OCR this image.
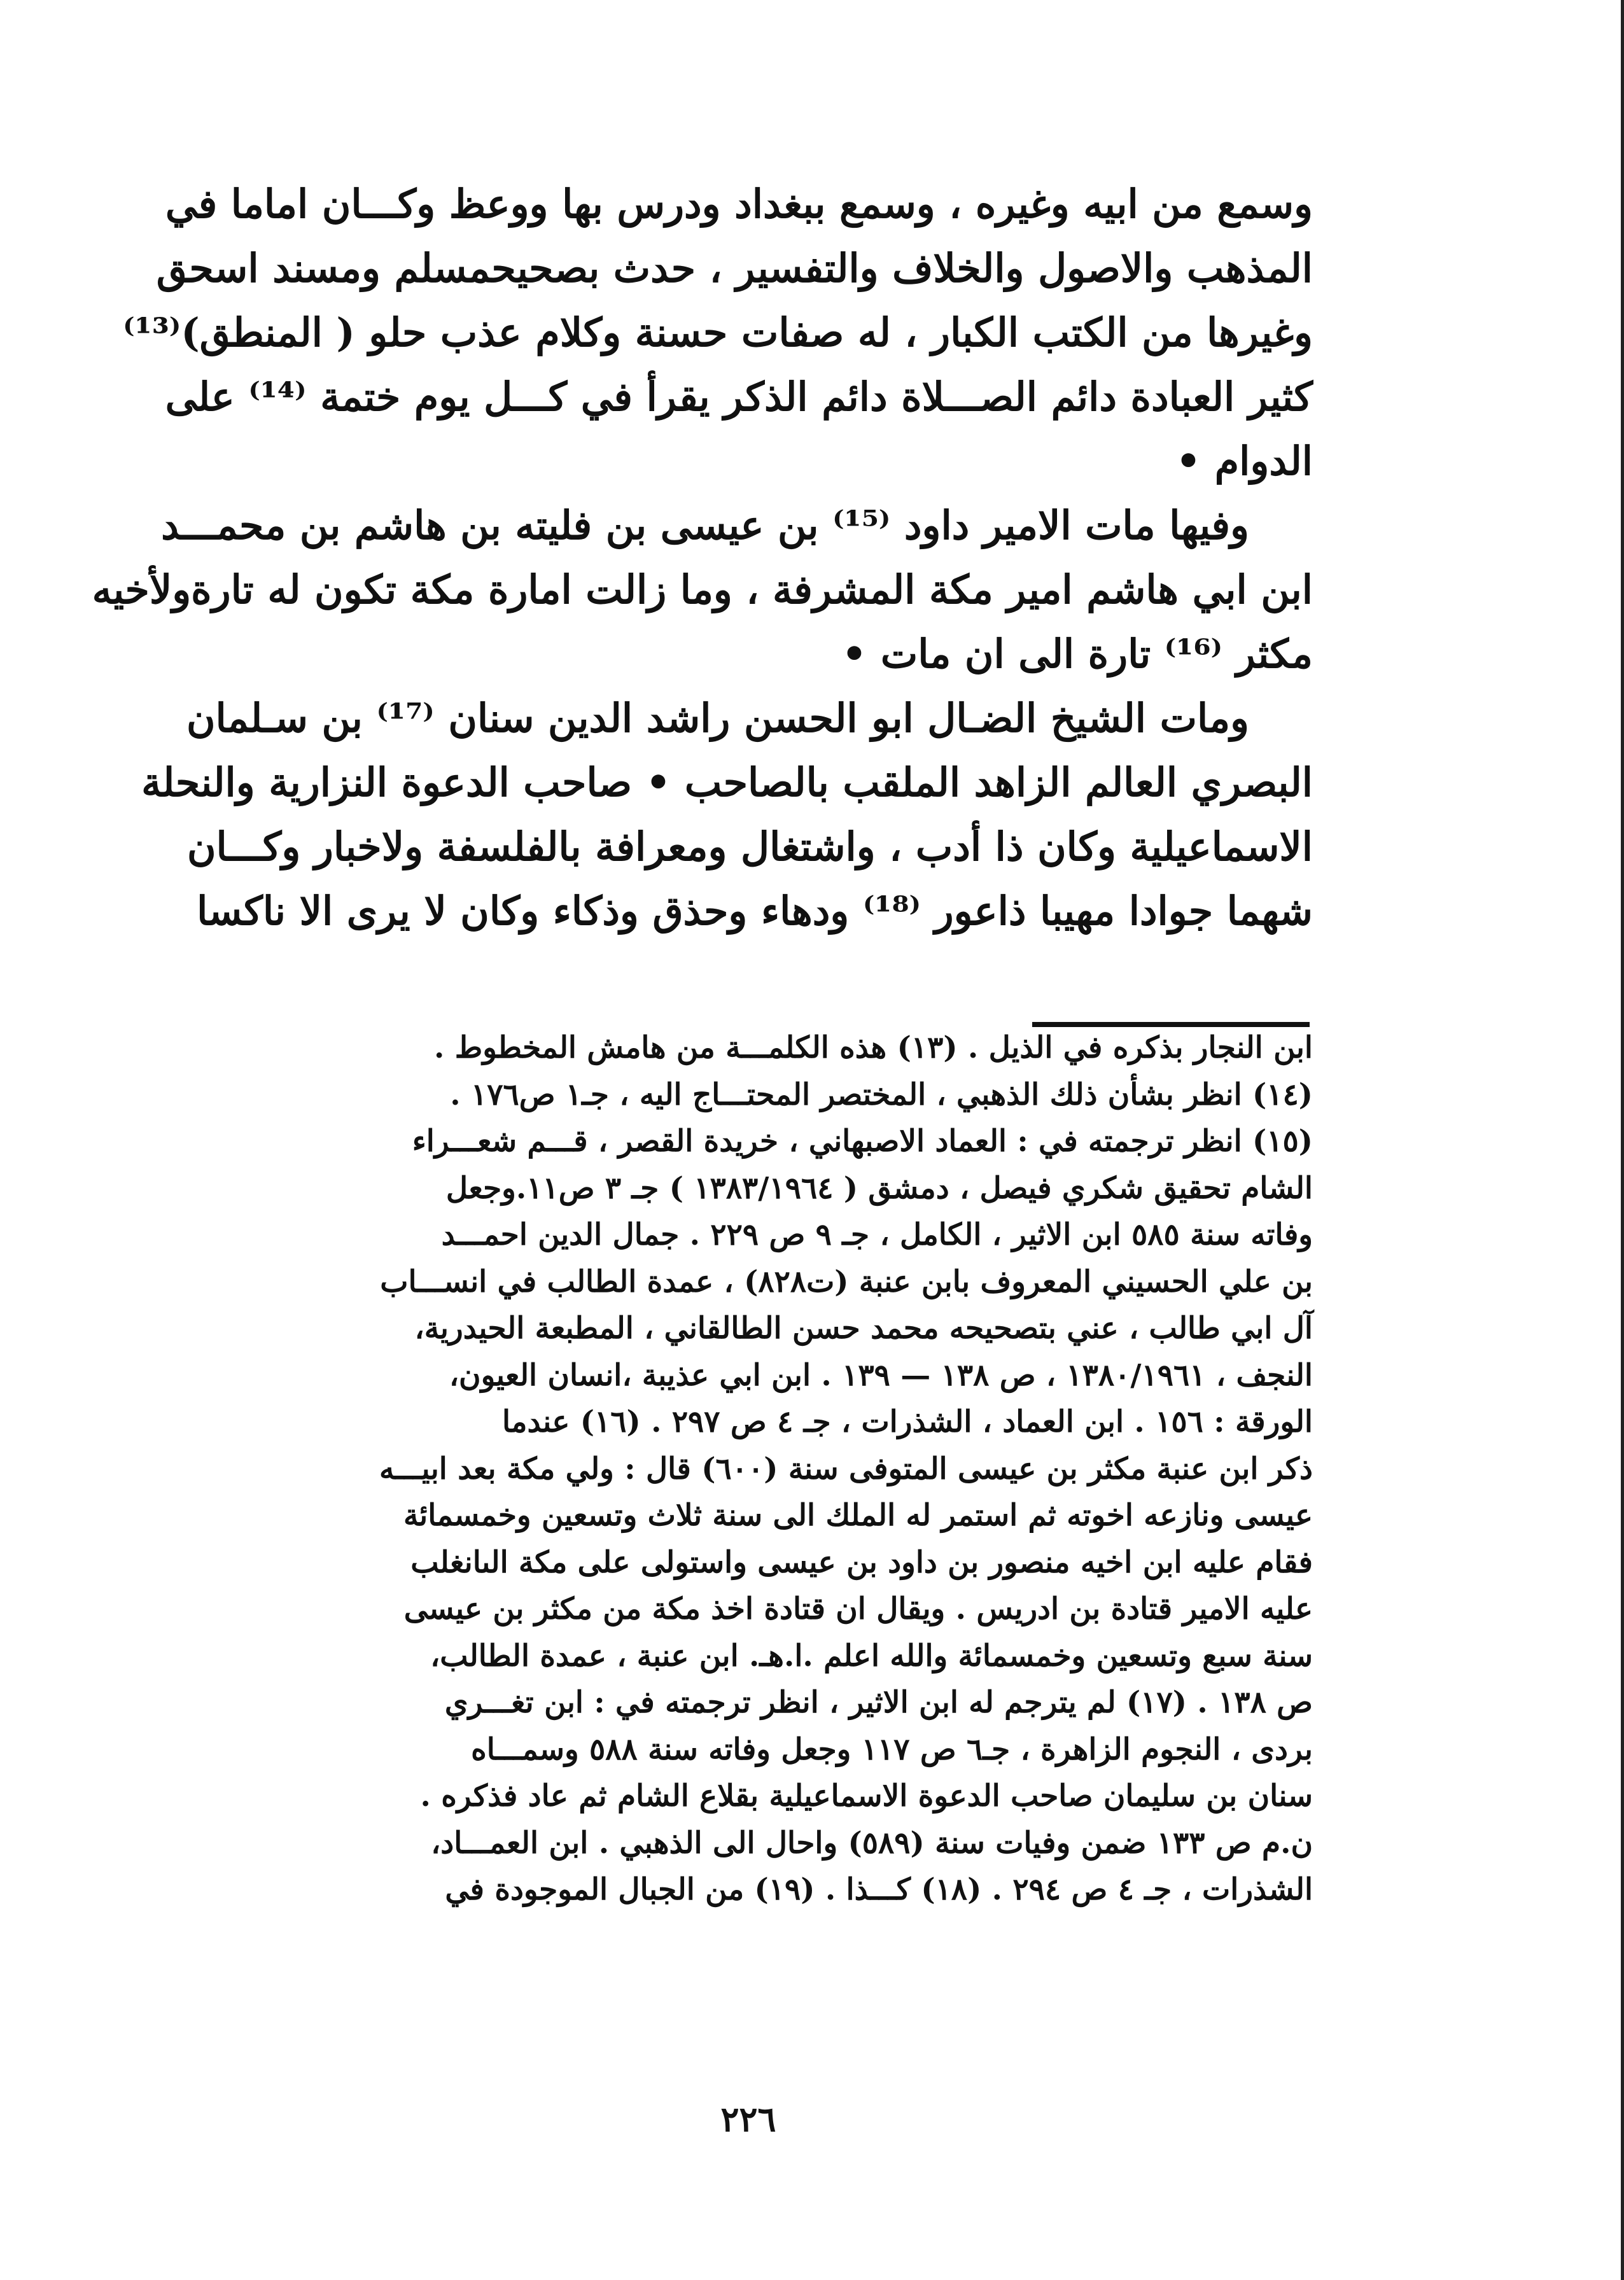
وسمع من ابيه وغيره ، وسمع ببغداد ودرس بها ووعظ وكـــان اماما في
المذهب والاصول والخلاف والتفسير ، حدث بصحيحمسلم ومسند اسحق
وغيرها من الكتب الكبار ، له صفات حسنة وكلام عذب حلو ( المنطق)⁽¹³⁾
كثير العبادة دائم الصـــلاة دائم الذكر يقرأ في كـــل يوم ختمة ⁽¹⁴⁾ على
الدوام •
وفيها مات الامير داود ⁽¹⁵⁾ بن عيسى بن فليته بن هاشم بن محمـــد
ابن ابي هاشم امير مكة المشرفة ، وما زالت امارة مكة تكون له تارةولأخيه
مكثر ⁽¹⁶⁾ تارة الى ان مات •
ومات الشيخ الضـال ابو الحسن راشد الدين سنان ⁽¹⁷⁾ بن سـلمان
البصري العالم الزاهد الملقب بالصاحب • صاحب الدعوة النزارية والنحلة
الاسماعيلية وكان ذا أدب ، واشتغال ومعرافة بالفلسفة ولاخبار وكـــان
شهما جوادا مهيبا ذاعور ⁽¹⁸⁾ ودهاء وحذق وذكاء وكان لا يرى الا ناكسا
ابن النجار بذكره في الذيل . (١٣) هذه الكلمـــة من هامش المخطوط .
(١٤) انظر بشأن ذلك الذهبي ، المختصر المحتـــاج اليه ، جـ١ ص١٧٦ .
(١٥) انظر ترجمته في : العماد الاصبهاني ، خريدة القصر ، قـــم شعـــراء
الشام تحقيق شكري فيصل ، دمشق ( ١٣٨٣/١٩٦٤ ) جـ ٣ ص١١.وجعل
وفاته سنة ٥٨٥ ابن الاثير ، الكامل ، جـ ٩ ص ٢٢٩ . جمال الدين احمـــد
بن علي الحسيني المعروف بابن عنبة (ت٨٢٨) ، عمدة الطالب في انســـاب
آل ابي طالب ، عني بتصحيحه محمد حسن الطالقاني ، المطبعة الحيدرية،
النجف ، ١٣٨٠/١٩٦١ ، ص ١٣٨ — ١٣٩ . ابن ابي عذيبة ،انسان العيون،
الورقة : ١٥٦ . ابن العماد ، الشذرات ، جـ ٤ ص ٢٩٧ . (١٦) عندما
ذكر ابن عنبة مكثر بن عيسى المتوفى سنة (٦٠٠) قال : ولي مكة بعد ابيـــه
عيسى ونازعه اخوته ثم استمر له الملك الى سنة ثلاث وتسعين وخمسمائة
فقام عليه ابن اخيه منصور بن داود بن عيسى واستولى على مكة الىانغلب
عليه الامير قتادة بن ادريس . ويقال ان قتادة اخذ مكة من مكثر بن عيسى
سنة سبع وتسعين وخمسمائة والله اعلم .ا.هـ. ابن عنبة ، عمدة الطالب،
ص ١٣٨ . (١٧) لم يترجم له ابن الاثير ، انظر ترجمته في : ابن تغـــري
بردى ، النجوم الزاهرة ، جـ٦ ص ١١٧ وجعل وفاته سنة ٥٨٨ وسمـــاه
سنان بن سليمان صاحب الدعوة الاسماعيلية بقلاع الشام ثم عاد فذكره .
ن.م ص ١٣٣ ضمن وفيات سنة (٥٨٩) واحال الى الذهبي . ابن العمـــاد،
الشذرات ، جـ ٤ ص ٢٩٤ . (١٨) كـــذا . (١٩) من الجبال الموجودة في
٢٢٦
